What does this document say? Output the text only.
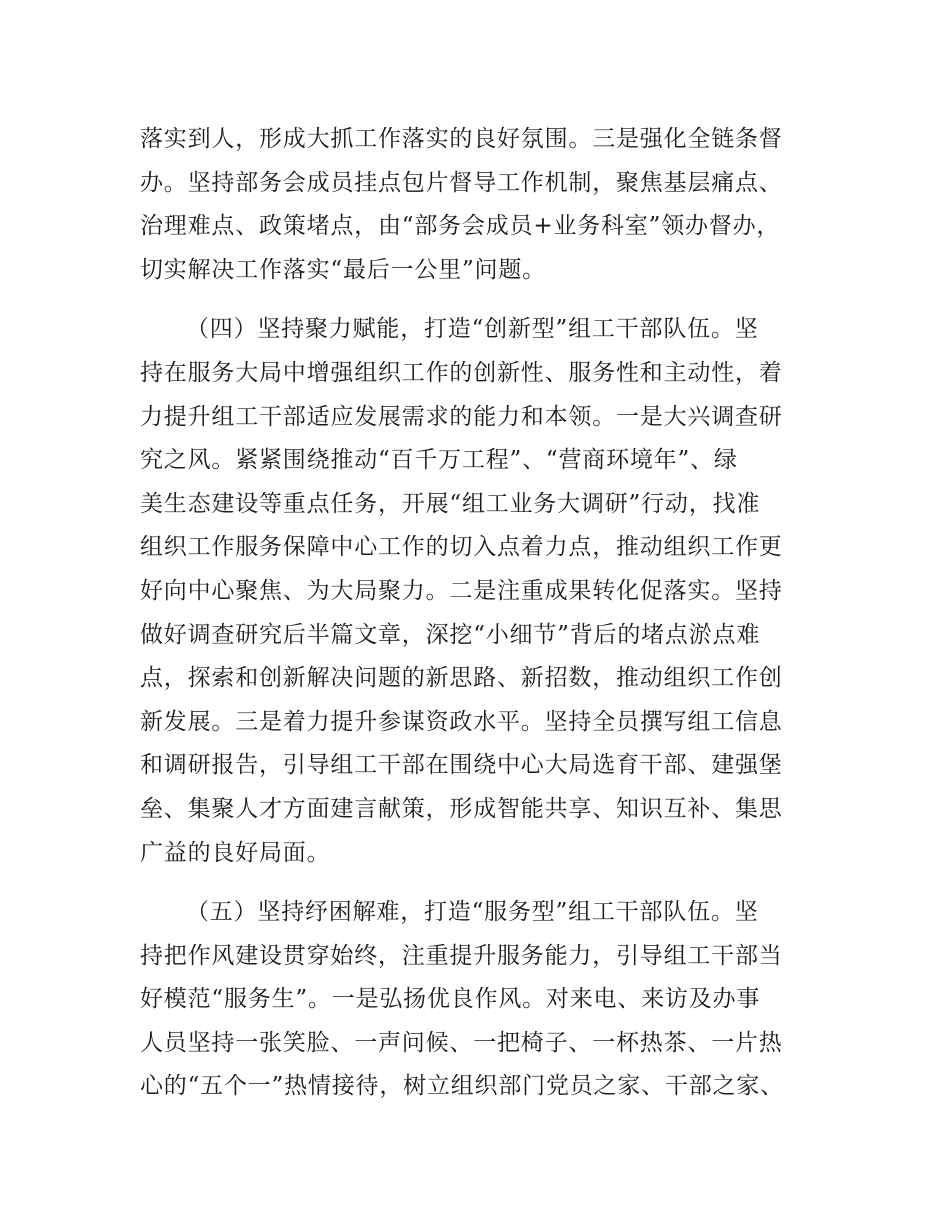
落实到人，形成大抓工作落实的良好氛围。三是强化全链条督
办。坚持部务会成员挂点包片督导工作机制，聚焦基层痛点、
治理难点、政策堵点，由“部务会成员+业务科室”领办督办，
切实解决工作落实“最后一公里”问题。
（四）坚持聚力赋能，打造“创新型”组工干部队伍。坚
持在服务大局中增强组织工作的创新性、服务性和主动性，着
力提升组工干部适应发展需求的能力和本领。一是大兴调查研
究之风。紧紧围绕推动“百千万工程”、“营商环境年”、绿
美生态建设等重点任务，开展“组工业务大调研”行动，找准
组织工作服务保障中心工作的切入点着力点，推动组织工作更
好向中心聚焦、为大局聚力。二是注重成果转化促落实。坚持
做好调查研究后半篇文章，深挖“小细节”背后的堵点淤点难
点，探索和创新解决问题的新思路、新招数，推动组织工作创
新发展。三是着力提升参谋资政水平。坚持全员撰写组工信息
和调研报告，引导组工干部在围绕中心大局选育干部、建强堡
垒、集聚人才方面建言献策，形成智能共享、知识互补、集思
广益的良好局面。
（五）坚持纾困解难，打造“服务型”组工干部队伍。坚
持把作风建设贯穿始终，注重提升服务能力，引导组工干部当
好模范“服务生”。一是弘扬优良作风。对来电、来访及办事
人员坚持一张笑脸、一声问候、一把椅子、一杯热茶、一片热
心的“五个一”热情接待，树立组织部门党员之家、干部之家、
